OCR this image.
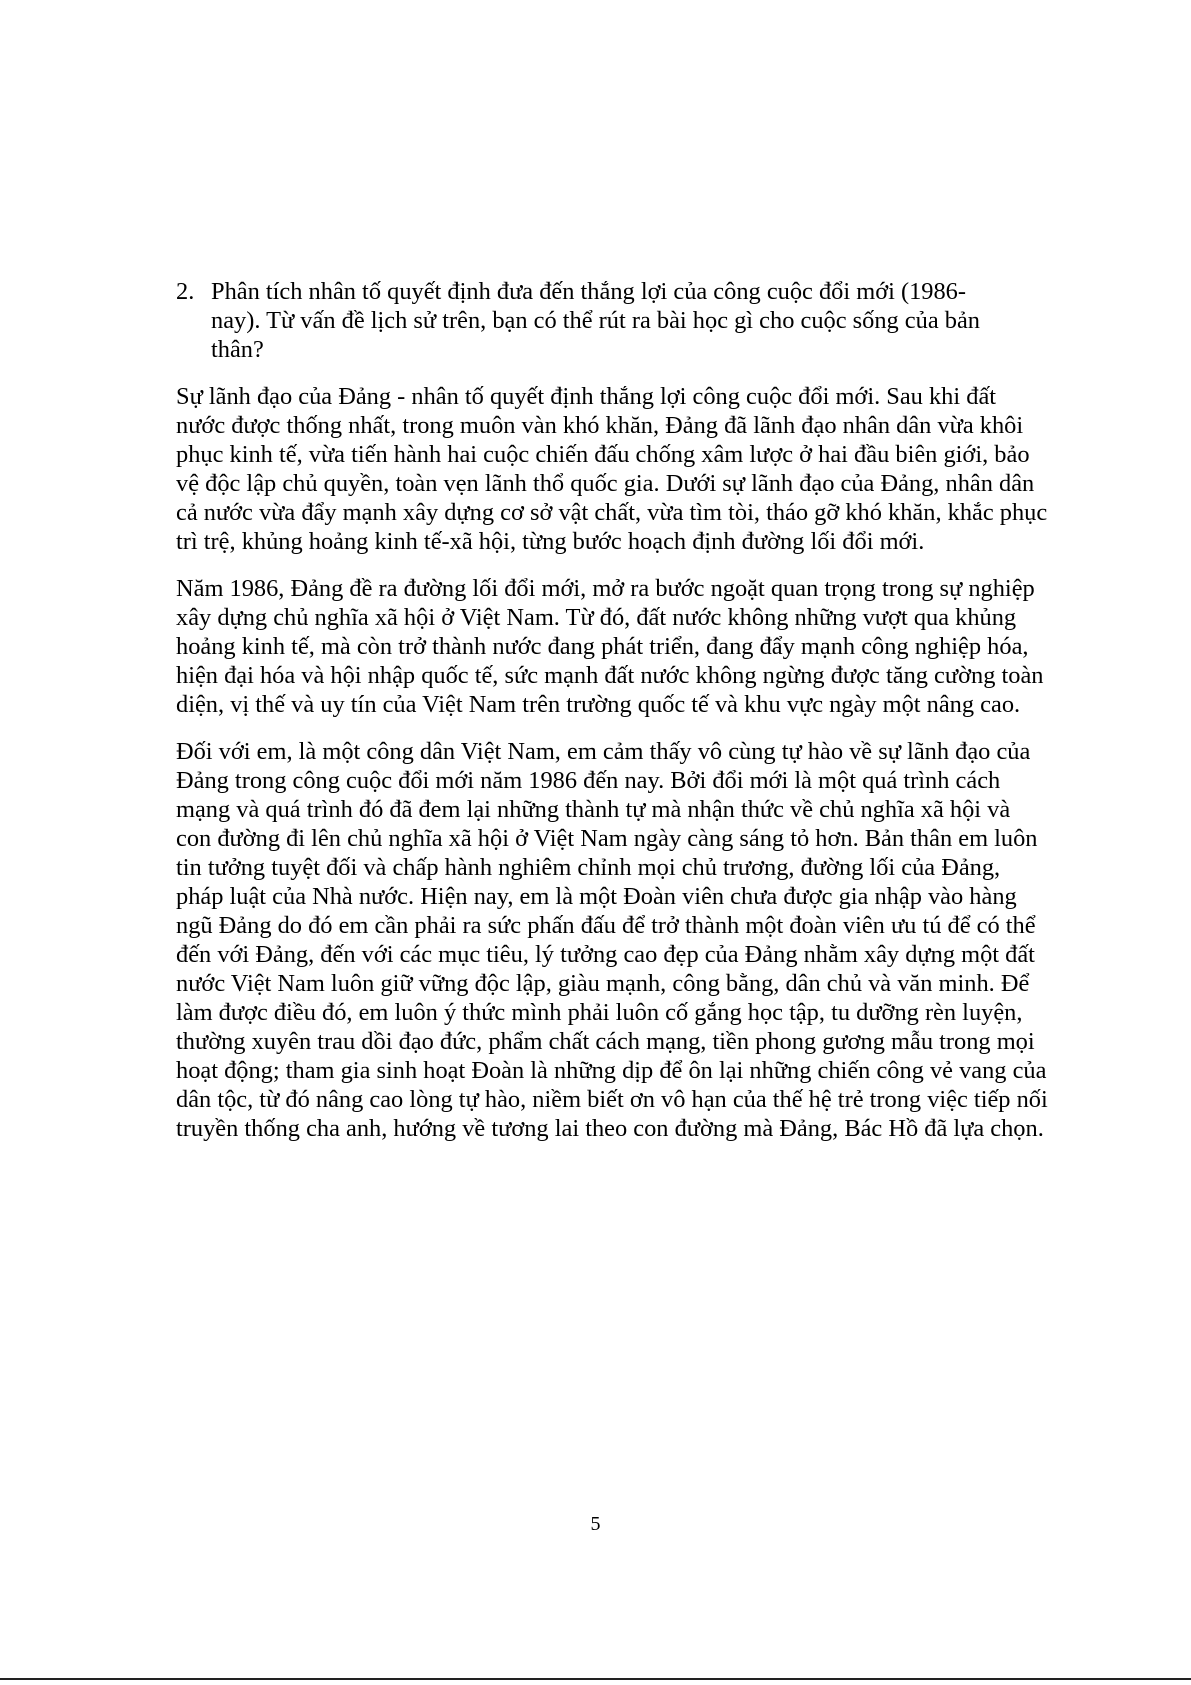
2. Phân tích nhân tố quyết định đưa đến thắng lợi của công cuộc đổi mới (1986-nay). Từ vấn đề lịch sử trên, bạn có thể rút ra bài học gì cho cuộc sống của bản thân?

Sự lãnh đạo của Đảng - nhân tố quyết định thắng lợi công cuộc đổi mới. Sau khi đất nước được thống nhất, trong muôn vàn khó khăn, Đảng đã lãnh đạo nhân dân vừa khôi phục kinh tế, vừa tiến hành hai cuộc chiến đấu chống xâm lược ở hai đầu biên giới, bảo vệ độc lập chủ quyền, toàn vẹn lãnh thổ quốc gia. Dưới sự lãnh đạo của Đảng, nhân dân cả nước vừa đẩy mạnh xây dựng cơ sở vật chất, vừa tìm tòi, tháo gỡ khó khăn, khắc phục trì trệ, khủng hoảng kinh tế-xã hội, từng bước hoạch định đường lối đổi mới.

Năm 1986, Đảng đề ra đường lối đổi mới, mở ra bước ngoặt quan trọng trong sự nghiệp xây dựng chủ nghĩa xã hội ở Việt Nam. Từ đó, đất nước không những vượt qua khủng hoảng kinh tế, mà còn trở thành nước đang phát triển, đang đẩy mạnh công nghiệp hóa, hiện đại hóa và hội nhập quốc tế, sức mạnh đất nước không ngừng được tăng cường toàn diện, vị thế và uy tín của Việt Nam trên trường quốc tế và khu vực ngày một nâng cao.

Đối với em, là một công dân Việt Nam, em cảm thấy vô cùng tự hào về sự lãnh đạo của Đảng trong công cuộc đổi mới năm 1986 đến nay. Bởi đổi mới là một quá trình cách mạng và quá trình đó đã đem lại những thành tự mà nhận thức về chủ nghĩa xã hội và con đường đi lên chủ nghĩa xã hội ở Việt Nam ngày càng sáng tỏ hơn. Bản thân em luôn tin tưởng tuyệt đối và chấp hành nghiêm chỉnh mọi chủ trương, đường lối của Đảng, pháp luật của Nhà nước. Hiện nay, em là một Đoàn viên chưa được gia nhập vào hàng ngũ Đảng do đó em cần phải ra sức phấn đấu để trở thành một đoàn viên ưu tú để có thể đến với Đảng, đến với các mục tiêu, lý tưởng cao đẹp của Đảng nhằm xây dựng một đất nước Việt Nam luôn giữ vững độc lập, giàu mạnh, công bằng, dân chủ và văn minh. Để làm được điều đó, em luôn ý thức mình phải luôn cố gắng học tập, tu dưỡng rèn luyện, thường xuyên trau dồi đạo đức, phẩm chất cách mạng, tiền phong gương mẫu trong mọi hoạt động; tham gia sinh hoạt Đoàn là những dịp để ôn lại những chiến công vẻ vang của dân tộc, từ đó nâng cao lòng tự hào, niềm biết ơn vô hạn của thế hệ trẻ trong việc tiếp nối truyền thống cha anh, hướng về tương lai theo con đường mà Đảng, Bác Hồ đã lựa chọn.

5
